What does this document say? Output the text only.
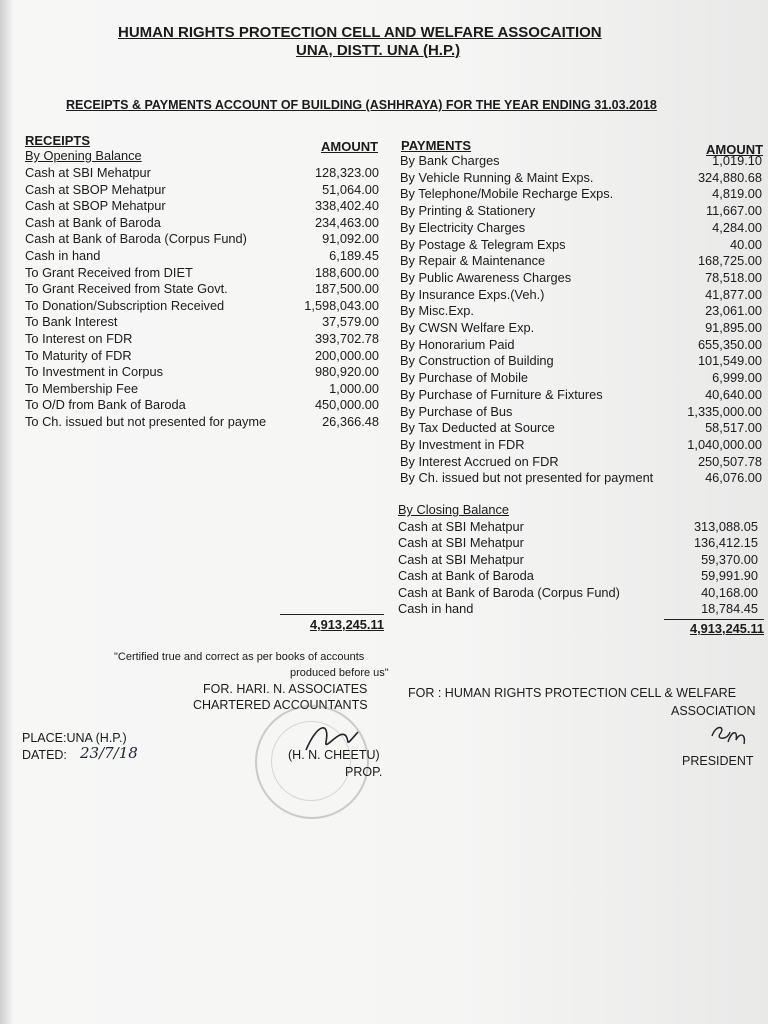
HUMAN RIGHTS PROTECTION CELL AND WELFARE ASSOCAITION
UNA, DISTT. UNA (H.P.)
RECEIPTS & PAYMENTS ACCOUNT OF BUILDING (ASHHRAYA) FOR THE YEAR ENDING 31.03.2018
RECEIPTS	AMOUNT
By Opening Balance
Cash at SBI Mehatpur	128,323.00
Cash at SBOP Mehatpur	51,064.00
Cash at SBOP Mehatpur	338,402.40
Cash at Bank of Baroda	234,463.00
Cash at Bank of Baroda (Corpus Fund)	91,092.00
Cash in hand	6,189.45
To Grant Received from DIET	188,600.00
To Grant Received from State Govt.	187,500.00
To Donation/Subscription Received	1,598,043.00
To Bank Interest	37,579.00
To Interest on FDR	393,702.78
To Maturity of FDR	200,000.00
To Investment in Corpus	980,920.00
To Membership Fee	1,000.00
To O/D from Bank of Baroda	450,000.00
To Ch. issued but not presented for payme	26,366.48
4,913,245.11
PAYMENTS	AMOUNT
By Bank Charges	1,019.10
By Vehicle Running & Maint Exps.	324,880.68
By Telephone/Mobile Recharge Exps.	4,819.00
By Printing & Stationery	11,667.00
By Electricity Charges	4,284.00
By Postage & Telegram Exps	40.00
By Repair & Maintenance	168,725.00
By Public Awareness Charges	78,518.00
By Insurance Exps.(Veh.)	41,877.00
By Misc.Exp.	23,061.00
By CWSN Welfare Exp.	91,895.00
By Honorarium Paid	655,350.00
By Construction of Building	101,549.00
By Purchase of Mobile	6,999.00
By Purchase of Furniture & Fixtures	40,640.00
By Purchase of Bus	1,335,000.00
By Tax Deducted at Source	58,517.00
By Investment in FDR	1,040,000.00
By Interest Accrued on FDR	250,507.78
By Ch. issued but not presented for payment	46,076.00
By Closing Balance
Cash at SBI Mehatpur	313,088.05
Cash at SBI Mehatpur	136,412.15
Cash at SBI Mehatpur	59,370.00
Cash at Bank of Baroda	59,991.90
Cash at Bank of Baroda (Corpus Fund)	40,168.00
Cash in hand	18,784.45
4,913,245.11
"Certified true and correct as per books of accounts
produced before us"
FOR. HARI. N. ASSOCIATES
CHARTERED ACCOUNTANTS
(H. N. CHEETU)
PROP.
PLACE:UNA (H.P.)
DATED: 23/7/18
FOR : HUMAN RIGHTS PROTECTION CELL & WELFARE
ASSOCIATION
PRESIDENT
